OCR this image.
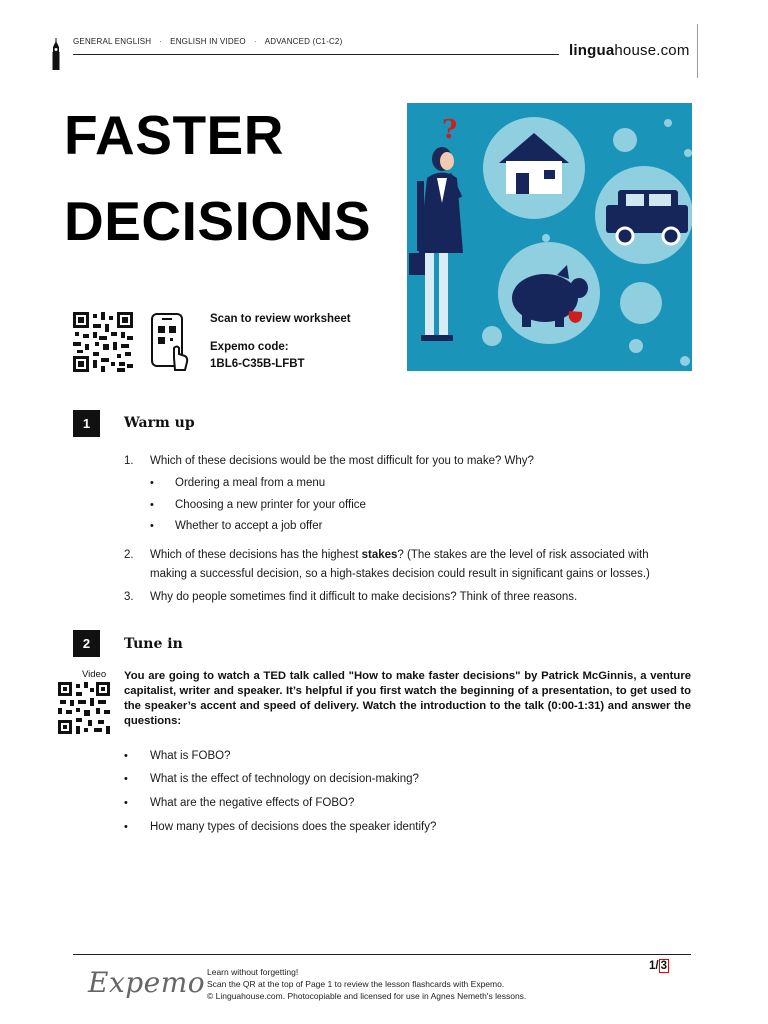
GENERAL ENGLISH · ENGLISH IN VIDEO · ADVANCED (C1-C2)
linguahouse.com
FASTER
DECISIONS
?
Scan to review worksheet
Expemo code:
1BL6-C35B-LFBT
1	Warm up
1. Which of these decisions would be the most difficult for you to make? Why?
• Ordering a meal from a menu
• Choosing a new printer for your office
• Whether to accept a job offer
2. Which of these decisions has the highest stakes? (The stakes are the level of risk associated with
making a successful decision, so a high-stakes decision could result in significant gains or losses.)
3. Why do people sometimes find it difficult to make decisions? Think of three reasons.
2	Tune in
Video You are going to watch a TED talk called "How to make faster decisions" by Patrick McGinnis, a venture capitalist, writer and speaker. It’s helpful if you first watch the beginning of a presentation, to get used to the speaker’s accent and speed of delivery. Watch the introduction to the talk (0:00-1:31) and answer the questions:
• What is FOBO?
• What is the effect of technology on decision-making?
• What are the negative effects of FOBO?
• How many types of decisions does the speaker identify?
Expemo Learn without forgetting!
Scan the QR at the top of Page 1 to review the lesson flashcards with Expemo.
© Linguahouse.com. Photocopiable and licensed for use in Agnes Nemeth's lessons.
1/ 3
